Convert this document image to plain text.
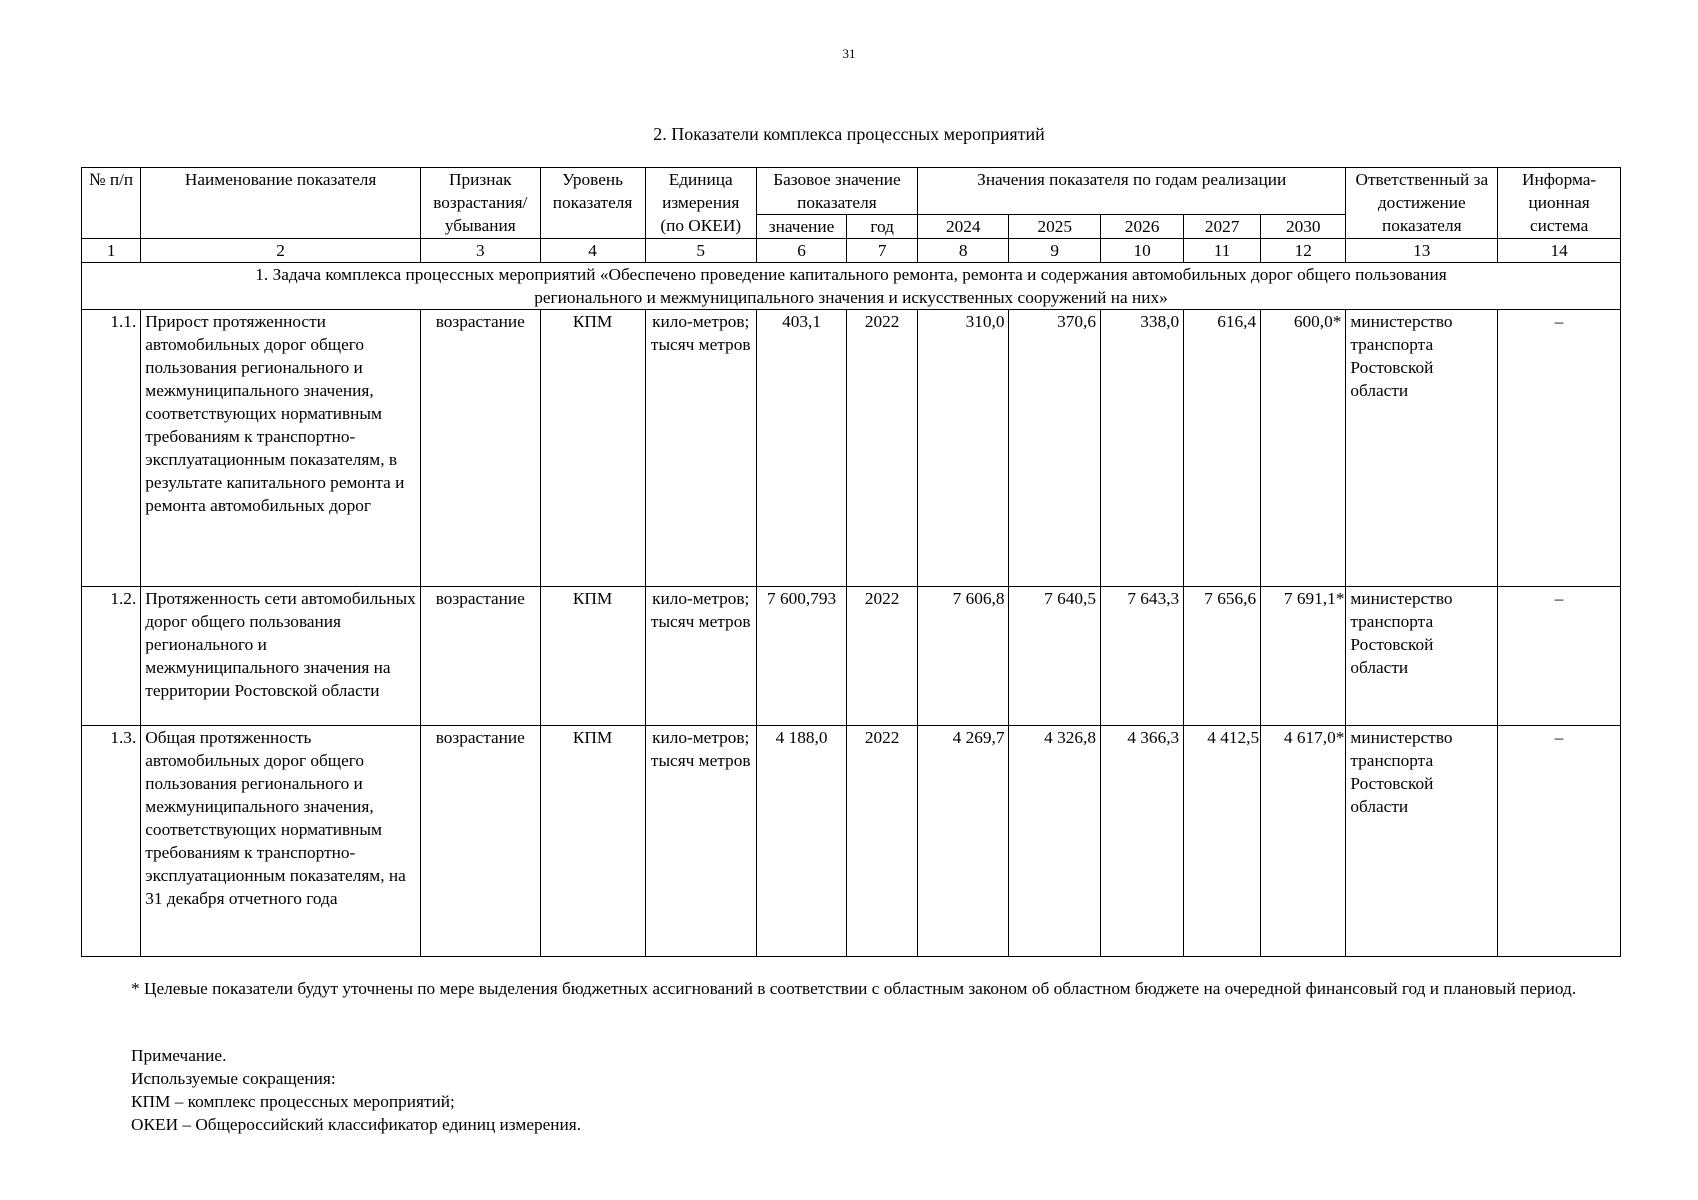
31
2. Показатели комплекса процессных мероприятий
№ п/п	Наименование показателя	Признак возрастания/ убывания	Уровень показателя	Единица измерения (по ОКЕИ)	Базовое значение показателя		Значения показателя по годам реализации					Ответственный за достижение показателя	Информа-ционная система
					значение	год	2024	2025	2026	2027	2030		
1	2	3	4	5	6	7	8	9	10	11	12	13	14
1. Задача комплекса процессных мероприятий «Обеспечено проведение капитального ремонта, ремонта и содержания автомобильных дорог общего пользования регионального и межмуниципального значения и искусственных сооружений на них»													
1.1.	Прирост протяженности автомобильных дорог общего пользования регионального и межмуниципального значения, соответствующих нормативным требованиям к транспортно-эксплуатационным показателям, в результате капитального ремонта и ремонта автомобильных дорог	возрастание	КПМ	кило-метров; тысяч метров	403,1	2022	310,0	370,6	338,0	616,4	600,0*	министерство транспорта Ростовской области	–
1.2.	Протяженность сети автомобильных дорог общего пользования регионального и межмуниципального значения на территории Ростовской области	возрастание	КПМ	кило-метров; тысяч метров	7 600,793	2022	7 606,8	7 640,5	7 643,3	7 656,6	7 691,1*	министерство транспорта Ростовской области	–
1.3.	Общая протяженность автомобильных дорог общего пользования регионального и межмуниципального значения, соответствующих нормативным требованиям к транспортно-эксплуатационным показателям, на 31 декабря отчетного года	возрастание	КПМ	кило-метров; тысяч метров	4 188,0	2022	4 269,7	4 326,8	4 366,3	4 412,5	4 617,0*	министерство транспорта Ростовской области	–
* Целевые показатели будут уточнены по мере выделения бюджетных ассигнований в соответствии с областным законом об областном бюджете на очередной финансовый год и плановый период.
Примечание.
Используемые сокращения:
КПМ – комплекс процессных мероприятий;
ОКЕИ – Общероссийский классификатор единиц измерения.
